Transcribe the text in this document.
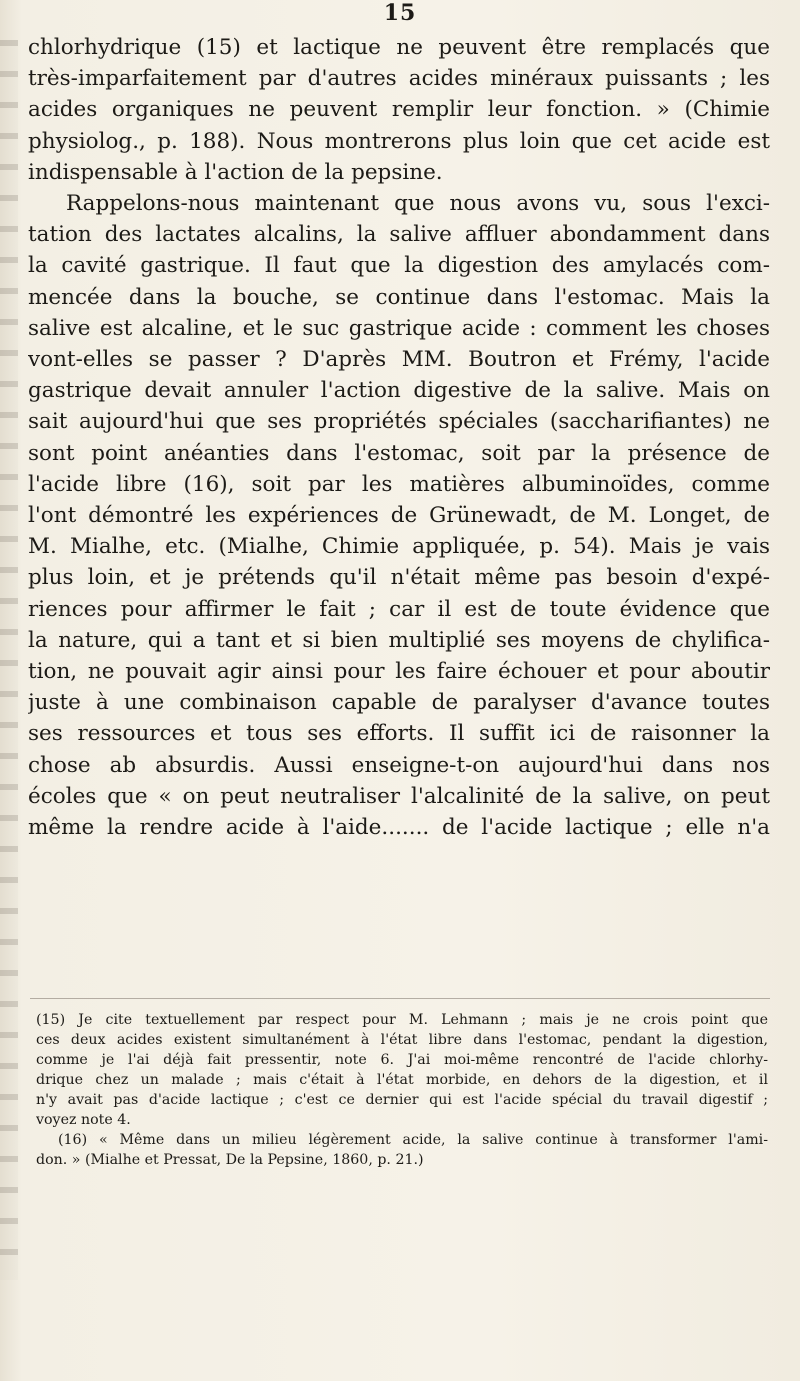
15
chlorhydrique (15) et lactique ne peuvent être remplacés que
très-imparfaitement par d'autres acides minéraux puissants ; les
acides organiques ne peuvent remplir leur fonction. » (Chimie
physiolog., p. 188). Nous montrerons plus loin que cet acide est
indispensable à l'action de la pepsine.
Rappelons-nous maintenant que nous avons vu, sous l'exci-
tation des lactates alcalins, la salive affluer abondamment dans
la cavité gastrique. Il faut que la digestion des amylacés com-
mencée dans la bouche, se continue dans l'estomac. Mais la
salive est alcaline, et le suc gastrique acide : comment les choses
vont-elles se passer ? D'après MM. Boutron et Frémy, l'acide
gastrique devait annuler l'action digestive de la salive. Mais on
sait aujourd'hui que ses propriétés spéciales (saccharifiantes) ne
sont point anéanties dans l'estomac, soit par la présence de
l'acide libre (16), soit par les matières albuminoïdes, comme
l'ont démontré les expériences de Grünewadt, de M. Longet, de
M. Mialhe, etc. (Mialhe, Chimie appliquée, p. 54). Mais je vais
plus loin, et je prétends qu'il n'était même pas besoin d'expé-
riences pour affirmer le fait ; car il est de toute évidence que
la nature, qui a tant et si bien multiplié ses moyens de chylifica-
tion, ne pouvait agir ainsi pour les faire échouer et pour aboutir
juste à une combinaison capable de paralyser d'avance toutes
ses ressources et tous ses efforts. Il suffit ici de raisonner la
chose ab absurdis. Aussi enseigne-t-on aujourd'hui dans nos
écoles que « on peut neutraliser l'alcalinité de la salive, on peut
même la rendre acide à l'aide....... de l'acide lactique ; elle n'a
(15) Je cite textuellement par respect pour M. Lehmann ; mais je ne crois point que
ces deux acides existent simultanément à l'état libre dans l'estomac, pendant la digestion,
comme je l'ai déjà fait pressentir, note 6. J'ai moi-même rencontré de l'acide chlorhy-
drique chez un malade ; mais c'était à l'état morbide, en dehors de la digestion, et il
n'y avait pas d'acide lactique ; c'est ce dernier qui est l'acide spécial du travail digestif ;
voyez note 4.
(16) « Même dans un milieu légèrement acide, la salive continue à transformer l'ami-
don. » (Mialhe et Pressat, De la Pepsine, 1860, p. 21.)
